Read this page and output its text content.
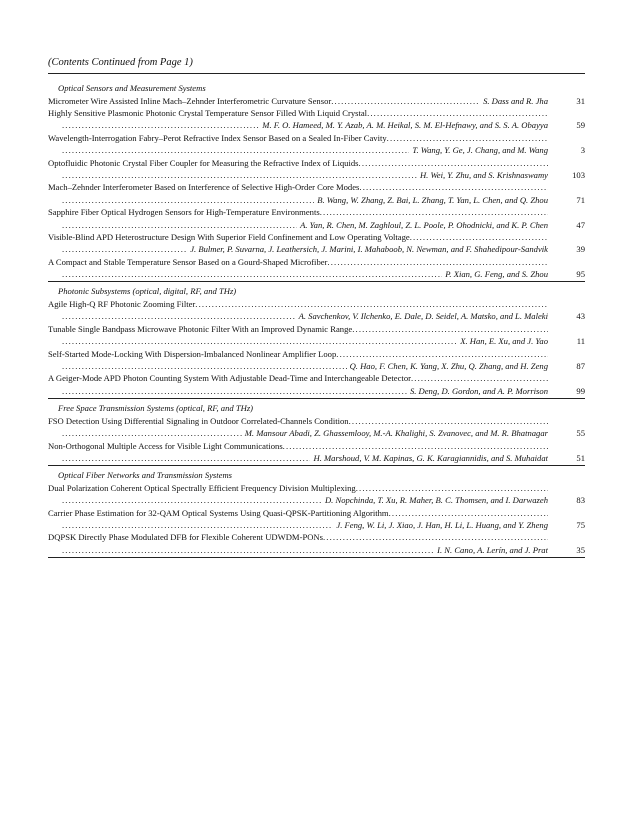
(Contents Continued from Page 1)
Optical Sensors and Measurement Systems
Micrometer Wire Assisted Inline Mach–Zehnder Interferometric Curvature Sensor . . .	S. Dass and R. Jha	31
Highly Sensitive Plasmonic Photonic Crystal Temperature Sensor Filled With Liquid Crystal
. . .
. . .
M. F. O. Hameed, M. Y. Azab, A. M. Heikal, S. M. El-Hefnawy, and S. S. A. Obayya	59
Wavelength-Interrogation Fabry–Perot Refractive Index Sensor Based on a Sealed In-Fiber Cavity
. . .
. . .
T. Wang, Y. Ge, J. Chang, and M. Wang	3
Optofluidic Photonic Crystal Fiber Coupler for Measuring the Refractive Index of Liquids
. . .
. . .
H. Wei, Y. Zhu, and S. Krishnaswamy	103
Mach–Zehnder Interferometer Based on Interference of Selective High-Order Core Modes
. . .
. . .
B. Wang, W. Zhang, Z. Bai, L. Zhang, T. Yan, L. Chen, and Q. Zhou	71
Sapphire Fiber Optical Hydrogen Sensors for High-Temperature Environments
. . .
. . .
A. Yan, R. Chen, M. Zaghloul, Z. L. Poole, P. Ohodnicki, and K. P. Chen	47
Visible-Blind APD Heterostructure Design With Superior Field Confinement and Low Operating Voltage
. . .
. . .
J. Bulmer, P. Suvarna, J. Leathersich, J. Marini, I. Mahaboob, N. Newman, and F. Shahedipour-Sandvik	39
A Compact and Stable Temperature Sensor Based on a Gourd-Shaped Microfiber
. . .
. . .
P. Xian, G. Feng, and S. Zhou	95
Photonic Subsystems (optical, digital, RF, and THz)
Agile High-Q RF Photonic Zooming Filter
. . .
. . .
A. Savchenkov, V. Ilchenko, E. Dale, D. Seidel, A. Matsko, and L. Maleki	43
Tunable Single Bandpass Microwave Photonic Filter With an Improved Dynamic Range
. . .
. . .
X. Han, E. Xu, and J. Yao	11
Self-Started Mode-Locking With Dispersion-Imbalanced Nonlinear Amplifier Loop
. . .
. . .
Q. Hao, F. Chen, K. Yang, X. Zhu, Q. Zhang, and H. Zeng	87
A Geiger-Mode APD Photon Counting System With Adjustable Dead-Time and Interchangeable Detector
. . .
. . .
S. Deng, D. Gordon, and A. P. Morrison	99
Free Space Transmission Systems (optical, RF, and THz)
FSO Detection Using Differential Signaling in Outdoor Correlated-Channels Condition
. . .
. . .
M. Mansour Abadi, Z. Ghassemlooy, M.-A. Khalighi, S. Zvanovec, and M. R. Bhatnagar	55
Non-Orthogonal Multiple Access for Visible Light Communications
. . .
. . .
H. Marshoud, V. M. Kapinas, G. K. Karagiannidis, and S. Muhaidat	51
Optical Fiber Networks and Transmission Systems
Dual Polarization Coherent Optical Spectrally Efficient Frequency Division Multiplexing
. . .
. . .
D. Nopchinda, T. Xu, R. Maher, B. C. Thomsen, and I. Darwazeh	83
Carrier Phase Estimation for 32-QAM Optical Systems Using Quasi-QPSK-Partitioning Algorithm
. . .
. . .
J. Feng, W. Li, J. Xiao, J. Han, H. Li, L. Huang, and Y. Zheng	75
DQPSK Directly Phase Modulated DFB for Flexible Coherent UDWDM-PONs
. . .
. . .
I. N. Cano, A. Lerín, and J. Prat	35
